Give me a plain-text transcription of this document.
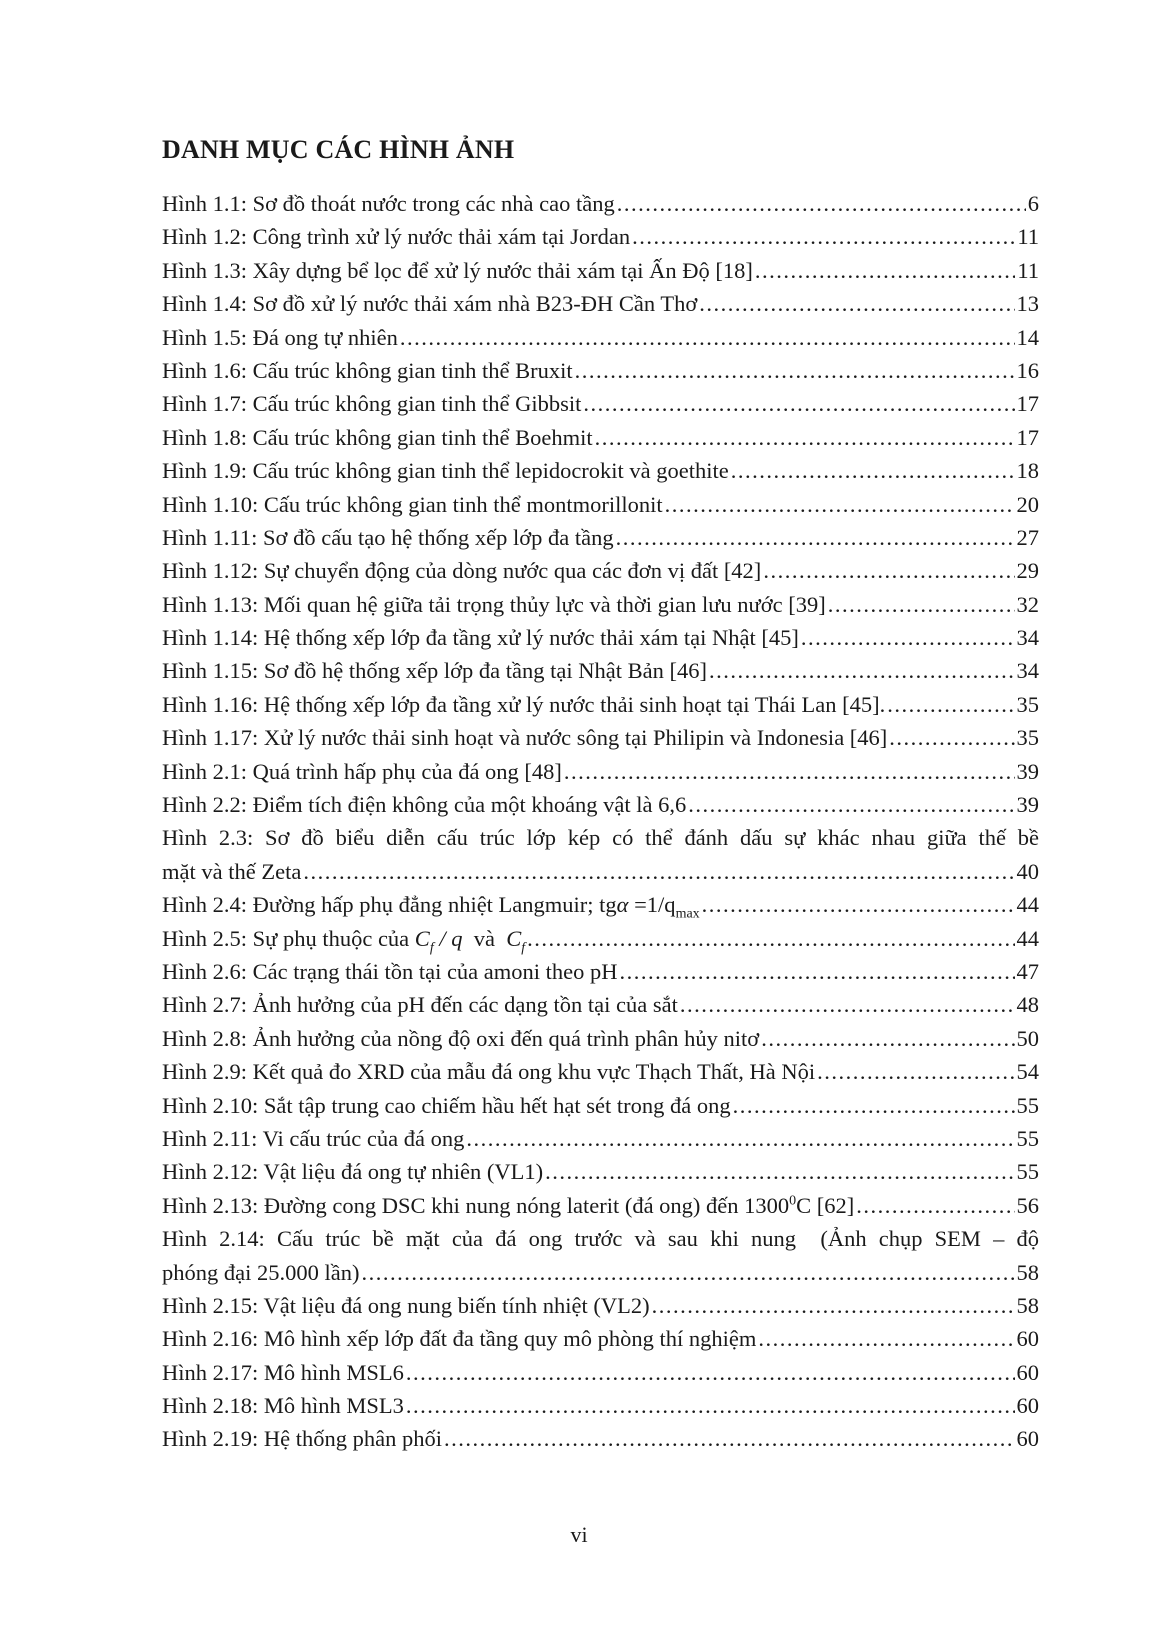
DANH MỤC CÁC HÌNH ẢNH
Hình 1.1: Sơ đồ thoát nước trong các nhà cao tầng .....	6
Hình 1.2: Công trình xử lý nước thải xám tại Jordan .....	11
Hình 1.3: Xây dựng bể lọc để xử lý nước thải xám tại Ấn Độ [18] .....	11
Hình 1.4: Sơ đồ xử lý nước thải xám nhà B23-ĐH Cần Thơ .....	13
Hình 1.5: Đá ong tự nhiên .....	14
Hình 1.6: Cấu trúc không gian tinh thể Bruxit .....	16
Hình 1.7: Cấu trúc không gian tinh thể Gibbsit .....	17
Hình 1.8: Cấu trúc không gian tinh thể Boehmit .....	17
Hình 1.9: Cấu trúc không gian tinh thể lepidocrokit và goethite .....	18
Hình 1.10: Cấu trúc không gian tinh thể montmorillonit .....	20
Hình 1.11: Sơ đồ cấu tạo hệ thống xếp lớp đa tầng .....	27
Hình 1.12: Sự chuyển động của dòng nước qua các đơn vị đất [42] .....	29
Hình 1.13: Mối quan hệ giữa tải trọng thủy lực và thời gian lưu nước [39] .....	32
Hình 1.14: Hệ thống xếp lớp đa tầng xử lý nước thải xám tại Nhật [45] .....	34
Hình 1.15: Sơ đồ hệ thống xếp lớp đa tầng tại Nhật Bản [46] .....	34
Hình 1.16: Hệ thống xếp lớp đa tầng xử lý nước thải sinh hoạt tại Thái Lan [45]. .....	35
Hình 1.17: Xử lý nước thải sinh hoạt và nước sông tại Philipin và Indonesia [46] .....	35
Hình 2.1: Quá trình hấp phụ của đá ong [48] .....	39
Hình 2.2: Điểm tích điện không của một khoáng vật là 6,6 .....	39
Hình 2.3: Sơ đồ biểu diễn cấu trúc lớp kép có thể đánh dấu sự khác nhau giữa thế bề
mặt và thế Zeta .....	40
Hình 2.4: Đường hấp phụ đẳng nhiệt Langmuir; $tg\alpha =1/q_{max}$ .....	44
Hình 2.5: Sự phụ thuộc của $C_f$ / q  và  $C_f$ .....	44
Hình 2.6: Các trạng thái tồn tại của amoni theo pH .....	47
Hình 2.7: Ảnh hưởng của pH đến các dạng tồn tại của sắt .....	48
Hình 2.8: Ảnh hưởng của nồng độ oxi đến quá trình phân hủy nitơ .....	50
Hình 2.9: Kết quả đo XRD của mẫu đá ong khu vực Thạch Thất, Hà Nội .....	54
Hình 2.10: Sắt tập trung cao chiếm hầu hết hạt sét trong đá ong .....	55
Hình 2.11: Vi cấu trúc của đá ong .....	55
Hình 2.12: Vật liệu đá ong tự nhiên (VL1) .....	55
Hình 2.13: Đường cong DSC khi nung nóng laterit (đá ong) đến 1300$^0$C [62] .....	56
Hình 2.14: Cấu trúc bề mặt của đá ong trước và sau khi nung  (Ảnh chụp SEM – độ
phóng đại 25.000 lần) .....	58
Hình 2.15: Vật liệu đá ong nung biến tính nhiệt (VL2) .....	58
Hình 2.16: Mô hình xếp lớp đất đa tầng quy mô phòng thí nghiệm .....	60
Hình 2.17: Mô hình MSL6 .....	60
Hình 2.18: Mô hình MSL3 .....	60
Hình 2.19: Hệ thống phân phối .....	60
vi
